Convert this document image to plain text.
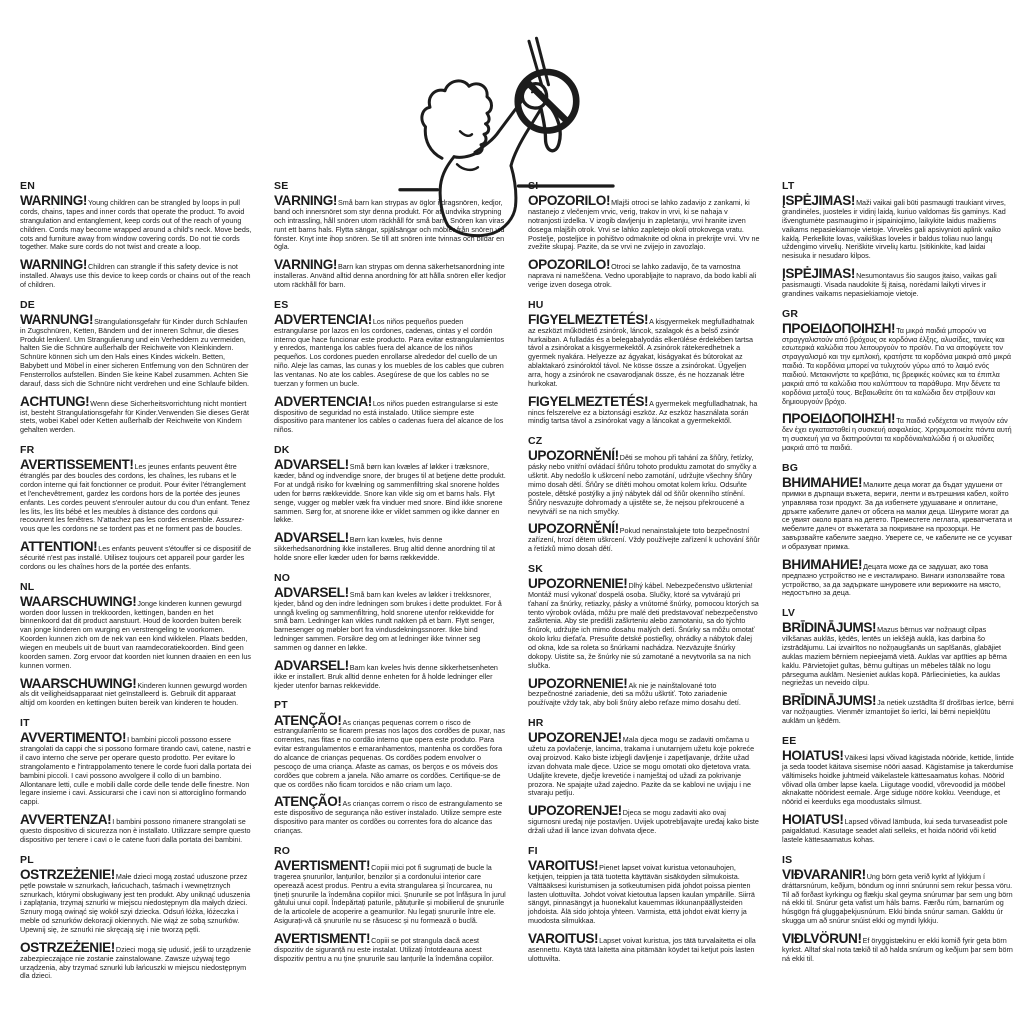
EN

WARNING!Young children can be strangled by loops in pull cords, chains, tapes and inner cords that operate the product. To avoid strangulation and entanglement, keep cords out of the reach of young children. Cords may become wrapped around a child's neck. Move beds, cots and furniture away from window covering cords. Do not tie cords together. Make sure cords do not twist and create a loop.

WARNING!Children can strangle if this safety device is not installed. Always use this device to keep cords or chains out of the reach of children.

DE

WARNUNG!Strangulationsgefahr für Kinder durch Schlaufen in Zugschnüren, Ketten, Bändern und der inneren Schnur, die dieses Produkt lenken!. Um Strangulierung und ein Verheddern zu vermeiden, halten Sie die Schnüre außerhalb der Reichweite von Kleinkindern. Schnüre können sich um den Hals eines Kindes wickeln. Betten, Babybett und Möbel in einer sicheren Entfernung von den Schnüren der Fensterrollos aufstellen. Binden Sie keine Kabel zusammen. Achten Sie darauf, dass sich die Schnüre nicht verdrehen und eine Schlaufe bilden.

ACHTUNG!Wenn diese Sicherheitsvorrichtung nicht montiert ist, besteht Strangulationsgefahr für Kinder.Verwenden Sie dieses Gerät stets, wobei Kabel oder Ketten außerhalb der Reichweite von Kindern gehalten werden.

FR

AVERTISSEMENT!Les jeunes enfants peuvent être étranglés par des boucles des cordons, les chaînes, les rubans et le cordon interne qui fait fonctionner ce produit. Pour éviter l'étranglement et l'enchevêtrement, gardez les cordons hors de la portée des jeunes enfants. Les cordes peuvent s'enrouler autour du cou d'un enfant. Tenez les lits, les lits bébé et les meubles à distance des cordons qui recouvrent les fenêtres. N'attachez pas les cordes ensemble. Assurez-vous que les cordons ne se tordent pas et ne forment pas de boucles.

ATTENTION!Les enfants peuvent s'étouffer si ce dispositif de sécurité n'est pas installé. Utilisez toujours cet appareil pour garder les cordons ou les chaînes hors de la portée des enfants.

NL

WAARSCHUWING!Jonge kinderen kunnen gewurgd worden door lussen in trekkoorden, kettingen, banden en het binnenkoord dat dit product aanstuurt. Houd de koorden buiten bereik van jonge kinderen om wurging en verstrengeling te voorkomen. Koorden kunnen zich om de nek van een kind wikkelen. Plaats bedden, wiegen en meubels uit de buurt van raamdecoratiekoorden. Bind geen koorden samen. Zorg ervoor dat koorden niet kunnen draaien en een lus kunnen vormen.

WAARSCHUWING!Kinderen kunnen gewurgd worden als dit veiligheidsapparaat niet geïnstalleerd is. Gebruik dit apparaat altijd om koorden en kettingen buiten bereik van kinderen te houden.

IT

AVVERTIMENTO!I bambini piccoli possono essere strangolati da cappi che si possono formare tirando cavi, catene, nastri e il cavo interno che serve per operare questo prodotto. Per evitare lo strangolamento e l'intrappolamento tenere le corde fuori dalla portata dei bambini piccoli. I cavi possono avvolgere il collo di un bambino. Allontanare letti, culle e mobili dalle corde delle tende delle finestre. Non legare insieme i cavi. Assicurarsi che i cavi non si attorciglino formando cappi.

AVVERTENZA!I bambini possono rimanere strangolati se questo dispositivo di sicurezza non è installato. Utilizzare sempre questo dispositivo per tenere i cavi o le catene fuori dalla portata dei bambini.

PL

OSTRZEŻENIE!Małe dzieci mogą zostać uduszone przez pętle powstałe w sznurkach, łańcuchach, taśmach i wewnętrznych sznurkach, którymi obsługiwany jest ten produkt. Aby uniknąć uduszenia i zaplątania, trzymaj sznurki w miejscu niedostępnym dla małych dzieci. Sznury mogą owinąć się wokół szyi dziecka. Odsuń łóżka, łóżeczka i meble od sznurków dekoracji okiennych. Nie wiąż ze sobą sznurków. Upewnij się, że sznurki nie skręcają się i nie tworzą pętli.

OSTRZEŻENIE!Dzieci mogą się udusić, jeśli to urządzenie zabezpieczające nie zostanie zainstalowane. Zawsze używaj tego urządzenia, aby trzymać sznurki lub łańcuszki w miejscu niedostępnym dla dzieci.

SE

VARNING!Små barn kan strypas av öglor i dragsnören, kedjor, band och innersnöret som styr denna produkt. För att undvika strypning och intrassling, håll snören utom räckhåll för små barn. Snören kan viras runt ett barns hals. Flytta sängar, spjälsängar och möbler från snören vid fönster. Knyt inte ihop snören. Se till att snören inte tvinnas och bildar en ögla.

VARNING!Barn kan strypas om denna säkerhetsanordning inte installeras. Använd alltid denna anordning för att hålla snören eller kedjor utom räckhåll för barn.

ES

ADVERTENCIA!Los niños pequeños pueden estrangularse por lazos en los cordones, cadenas, cintas y el cordón interno que hace funcionar este producto. Para evitar estrangulamientos y enredos, mantenga los cables fuera del alcance de los niños pequeños. Los cordones pueden enrollarse alrededor del cuello de un niño. Aleje las camas, las cunas y los muebles de los cables que cubren las ventanas. No ate los cables. Asegúrese de que los cables no se tuerzan y formen un bucle.

ADVERTENCIA!Los niños pueden estrangularse si este dispositivo de seguridad no está instalado. Utilice siempre este dispositivo para mantener los cables o cadenas fuera del alcance de los niños.

DK

ADVARSEL!Små børn kan kvæles af løkker i træksnore, kæder, bånd og indvendige snore, der bruges til at betjene dette produkt. For at undgå risiko for kvælning og sammenfiltring skal snorene holdes uden for børns rækkevidde. Snore kan vikle sig om et barns hals. Flyt senge, vugger og møbler væk fra vinduer med snore. Bind ikke snorene sammen. Sørg for, at snorene ikke er viklet sammen og ikke danner en løkke.

ADVARSEL!Børn kan kvæles, hvis denne sikkerhedsanordning ikke installeres. Brug altid denne anordning til at holde snore eller kæder uden for børns rækkevidde.

NO

ADVARSEL!Små barn kan kveles av løkker i trekksnorer, kjeder, bånd og den indre ledningen som brukes i dette produktet. For å unngå kveling og sammenfiltring, hold snorene utenfor rekkevidde for små barn. Ledninger kan vikles rundt nakken på et barn. Flytt senger, barnesenger og møbler bort fra vindusdekningssnorer. Ikke bind ledninger sammen. Forsikre deg om at ledninger ikke tvinner seg sammen og danner en løkke.

ADVARSEL!Barn kan kveles hvis denne sikkerhetsenheten ikke er installert. Bruk alltid denne enheten for å holde ledninger eller kjeder utenfor barnas rekkevidde.

PT

ATENÇÃO!As crianças pequenas correm o risco de estrangulamento se ficarem presas nos laços dos cordões de puxar, nas correntes, nas fitas e no cordão interno que opera este produto. Para evitar estrangulamentos e emaranhamentos, mantenha os cordões fora do alcance de crianças pequenas. Os cordões podem envolver o pescoço de uma criança. Afaste as camas, os berços e os móveis dos cordões que cobrem a janela. Não amarre os cordões. Certifique-se de que os cordões não ficam torcidos e não criam um laço.

ATENÇÃO!As crianças correm o risco de estrangulamento se este dispositivo de segurança não estiver instalado. Utilize sempre este dispositivo para manter os cordões ou correntes fora do alcance das crianças.

RO

AVERTISMENT!Copiii mici pot fi sugrumați de bucle la tragerea șnururilor, lanțurilor, benzilor și a cordonului interior care operează acest produs. Pentru a evita strangularea și încurcarea, nu țineți șnururile la îndemâna copiilor mici. Șnururile se pot înfășura în jurul gâtului unui copil. Îndepărtați paturile, pătuțurile și mobilierul de șnururile de la articolele de acoperire a geamurilor. Nu legați șnururile între ele. Asigurați-vă că șnururile nu se răsucesc și nu formează o buclă.

AVERTISMENT!Copiii se pot strangula dacă acest dispozitiv de siguranță nu este instalat. Utilizați întotdeauna acest dispozitiv pentru a nu ține șnururile sau lanțurile la îndemâna copiilor.

SI

OPOZORILO!Mlajši otroci se lahko zadavijo z zankami, ki nastanejo z vlečenjem vrvic, verig, trakov in vrvi, ki se nahaja v notranjosti izdelka. V izogib davljenju in zapletanju, vrvi hranite izven dosega mlajših otrok. Vrvi se lahko zapletejo okoli otrokovega vratu. Postelje, posteljice in pohištvo odmaknite od okna in prekrijte vrvi. Vrv ne zvežite skupaj. Pazite, da se vrvi ne zvijejo in zavozlajo.

OPOZORILO!Otroci se lahko zadavijo, če ta varnostna naprava ni nameščena. Vedno uporabljajte to napravo, da bodo kabli ali verige izven dosega otrok.

HU

FIGYELMEZTETÉS!A kisgyermekek megfulladhatnak az eszközt működtető zsinórok, láncok, szalagok és a belső zsinór hurkaiban. A fulladás és a belegabalyodás elkerülése érdekében tartsa távol a zsinórokat a kisgyermekektől. A zsinórok rátekeredhetnek a gyermek nyakára. Helyezze az ágyakat, kiságyakat és bútorokat az ablaktakaró zsinóroktól távol. Ne kösse össze a zsinórokat. Ügyeljen arra, hogy a zsinórok ne csavarodjanak össze, és ne hozzanak létre hurkokat.

FIGYELMEZTETÉS!A gyermekek megfulladhatnak, ha nincs felszerelve ez a biztonsági eszköz. Az eszköz használata során mindig tartsa távol a zsinórokat vagy a láncokat a gyermekektől.

CZ

UPOZORNĚNÍ!Děti se mohou při tahání za šňůry, řetízky, pásky nebo vnitřní ovládací šňůru tohoto produktu zamotat do smyčky a uškrtit. Aby nedošlo k uškrcení nebo zamotání, udržujte všechny šňůry mimo dosah dětí. Šňůry se dítěti mohou omotat kolem krku. Odsuňte postele, dětské postýlky a jiný nábytek dál od šňůr okenního stínění. Šňůry nesvazujte dohromady a ujistěte se, že nejsou překroucené a nevytváří se na nich smyčky.

UPOZORNĚNÍ!Pokud nenainstalujete toto bezpečnostní zařízení, hrozí dětem uškrcení. Vždy používejte zařízení k uchování šňůr a řetízků mimo dosah dětí.

SK

UPOZORNENIE!Dlhý kábel. Nebezpečenstvo uškrtenia! Montáž musí vykonať dospelá osoba. Slučky, ktoré sa vytvárajú pri ťahaní za šnúrky, retiazky, pásky a vnútorné šnúrky, pomocou ktorých sa tento výrobok ovláda, môžu pre malé deti predstavovať nebezpečenstvo zaškrtenia. Aby ste predišli zaškrteniu alebo zamotaniu, sa do týchto šnúrok, udržujte ich mimo dosahu malých detí. Šnúrky sa môžu omotať okolo krku dieťaťa. Presuňte detské postieľky, ohrádky a nábytok ďalej od okna, kde sa roleta so šnúrkami nachádza. Nezväzujte šnúrky dokopy. Uistite sa, že šnúrky nie sú zamotané a nevytvorila sa na nich slučka.

UPOZORNENIE!Ak nie je nainštalované toto bezpečnostné zariadenie, deti sa môžu uškrtiť. Toto zariadenie používajte vždy tak, aby boli šnúry alebo reťaze mimo dosahu detí.

HR

UPOZORENJE!Mala djeca mogu se zadaviti omčama u užetu za povlačenje, lancima, trakama i unutarnjem užetu koje pokreće ovaj proizvod. Kako biste izbjegli davljenje i zapetljavanje, držite užad izvan dohvata male djece. Uzice se mogu omotati oko djetetova vrata. Udaljite krevete, dječje krevetiće i namještaj od užadi za pokrivanje prozora. Ne spajajte užad zajedno. Pazite da se kablovi ne uvijaju i ne stvaraju petlju.

UPOZORENJE!Djeca se mogu zadaviti ako ovaj sigurnosni uređaj nije postavljen. Uvijek upotrebljavajte uređaj kako biste držali užad ili lance izvan dohvata djece.

FI

VAROITUS!Pienet lapset voivat kuristua vetonauhojen, ketjujen, teippien ja tätä tuotetta käyttävän sisäköyden silmukoista. Välttääksesi kuristumisen ja sotkeutumisen pidä johdot poissa pienten lasten ulottuvilta. Johdot voivat kietoutua lapsen kaulan ympärille. Siirrä sängyt, pinnasängyt ja huonekalut kauemmas ikkunanpäällysteiden johdoista. Älä sido johtoja yhteen. Varmista, että johdot eivät kierry ja muodosta silmukkaa.

VAROITUS!Lapset voivat kuristua, jos tätä turvalaitetta ei olla asennettu. Käytä tätä laitetta aina pitämään köydet tai ketjut pois lasten ulottuvilta.

LT

ĮSPĖJIMAS!Maži vaikai gali būti pasmaugti traukiant virves, grandinėles, juosteles ir vidinį laidą, kuriuo valdomas šis gaminys. Kad išvengtumėte pasmaugimo ir įsipainiojimo, laikykite laidus mažiems vaikams nepasiekiamoje vietoje. Virvelės gali apsivynioti aplink vaiko kaklą. Perkelkite lovas, vaikiškas loveles ir baldus toliau nuo langų uždengimo virvelių. Neriškite virvelių kartu. Įsitikinkite, kad laidai nesisuka ir nesudaro kilpos.

ĮSPĖJIMAS!Nesumontavus šio saugos įtaiso, vaikas gali pasismaugti. Visada naudokite šį įtaisą, norėdami laikyti virves ir grandines vaikams nepasiekiamoje vietoje.

GR

ΠΡΟΕΙΔΟΠΟΙΗΣΗ!Τα μικρά παιδιά μπορούν να στραγγαλιστούν από βρόχους σε κορδόνια έλξης, αλυσίδες, ταινίες και εσωτερικά καλώδια που λειτουργούν το προϊόν. Για να αποφύγετε τον στραγγαλισμό και την εμπλοκή, κρατήστε τα κορδόνια μακριά από μικρά παιδιά. Τα κορδόνια μπορεί να τυλιχτούν γύρω από το λαιμό ενός παιδιού. Μετακινήστε τα κρεβάτια, τις βρεφικές κούνιες και τα έπιπλα μακριά από τα καλώδια που καλύπτουν τα παράθυρα. Μην δένετε τα κορδόνια μεταξύ τους. Βεβαιωθείτε ότι τα καλώδια δεν στρίβουν και δημιουργούν βρόχο.

ΠΡΟΕΙΔΟΠΟΙΗΣΗ!Τα παιδιά ενδέχεται να πνιγούν εάν δεν έχει εγκατασταθεί η συσκευή ασφαλείας. Χρησιμοποιείτε πάντα αυτή τη συσκευή για να διατηρούνται τα κορδόνια/καλώδια ή οι αλυσίδες μακριά από τα παιδιά.

BG

ВНИМАНИЕ!Малките деца могат да бъдат удушени от примки в дърпащи въжета, вериги, ленти и вътрешния кабел, който управлява този продукт. За да избегнете удушаване и оплитане, дръжте кабелите далеч от обсега на малки деца. Шнурите могат да се увият около врата на детето. Преместете леглата, креватчетата и мебелите далеч от въжетата за покриване на прозорци. Не завързвайте кабелите заедно. Уверете се, че кабелите не се усукват и образуват примка.

ВНИМАНИЕ!Децата може да се задушат, ако това предпазно устройство не е инсталирано. Винаги използвайте това устройство, за да задържате шнуровете или верижките на място, недостъпно за деца.

LV

BRĪDINĀJUMS!Mazus bērnus var nožņaugt cilpas vilkšanas auklās, ķēdēs, lentēs un iekšējā auklā, kas darbina šo izstrādājumu. Lai izvairītos no nožņaugšanās un sapīšanās, glabājiet auklas maziem bērniem nepieejamā vietā. Auklas var aptīties ap bērna kaklu. Pārvietojiet gultas, bērnu gultiņas un mēbeles tālāk no logu pārseguma auklām. Nesieniet auklas kopā. Pārliecinieties, ka auklas negriežas un neveido cilpu.

BRĪDINĀJUMS!Ja netiek uzstādīta šī drošības ierīce, bērni var nožņaugties. Vienmēr izmantojiet šo ierīci, lai bērni nepiekļūtu auklām un ķēdēm.

EE

HOIATUS!Väikesi lapsi võivad kägistada nööride, kettide, lintide ja seda toodet käitava sisemise nööri aasad. Kägistamise ja takerdumise vältimiseks hoidke juhtmeid väikelastele kättesaamatus kohas. Nöörid võivad olla ümber lapse kaela. Liigutage voodid, võrevoodid ja mööbel aknakatte nööridest eemale. Ärge siduge nööre kokku. Veenduge, et nöörid ei keerduks ega moodustaks silmust.

HOIATUS!Lapsed võivad lämbuda, kui seda turvaseadist pole paigaldatud. Kasutage seadet alati selleks, et hoida nöörid või ketid lastele kättesaamatus kohas.

IS

VIÐVARANIR!Ung börn geta verið kyrkt af lykkjum í dráttarsnúrum, keðjum, böndum og innri snúrunni sem rekur þessa vöru. Til að forðast kyrkingu og flækju skal geyma snúrurnar þar sem ung börn ná ekki til. Snúrur geta vafist um háls barns. Færðu rúm, barnarúm og húsgögn frá gluggaþekjusnúrum. Ekki binda snúrur saman. Gakktu úr skugga um að snúrur snúist ekki og myndi lykkju.

VIÐLVÖRUN!Ef öryggistækinu er ekki komið fyrir geta börn kyrkst. Alltaf skal nota tækið til að halda snúrum og keðjum þar sem börn ná ekki til.
